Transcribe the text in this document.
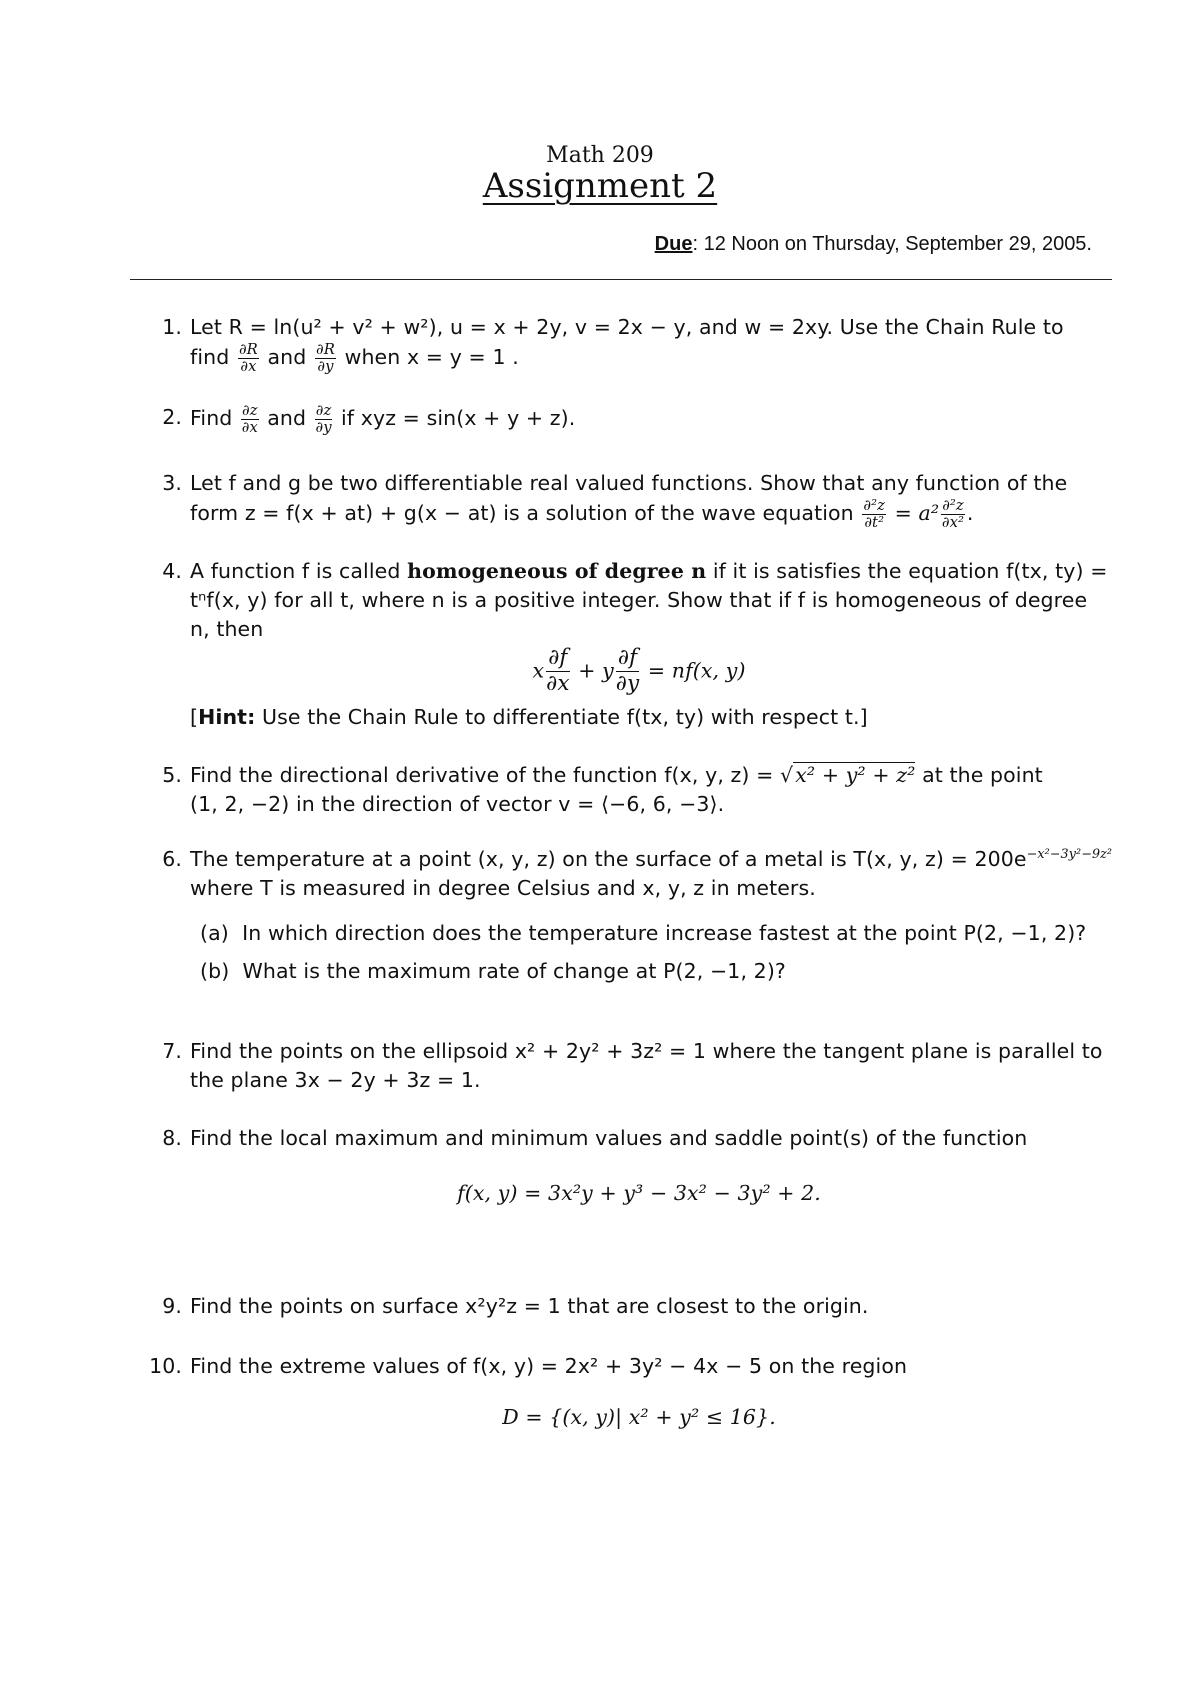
Math 209
Assignment 2
Due: 12 Noon on Thursday, September 29, 2005.
1. Let R = ln(u² + v² + w²), u = x + 2y, v = 2x − y, and w = 2xy. Use the Chain Rule to
find $\frac{\partial R}{\partial x}$ and $\frac{\partial R}{\partial y}$ when x = y = 1 .
2. Find $\frac{\partial z}{\partial x}$ and $\frac{\partial z}{\partial y}$ if xyz = sin(x + y + z).
3. Let f and g be two differentiable real valued functions. Show that any function of the
form z = f(x + at) + g(x − at) is a solution of the wave equation $\frac{\text{∂²z}}{\text{∂t²}} = a^2 \frac{\text{∂²z}}{\text{∂x²}}$ .
4. A function f is called homogeneous of degree n if it is satisfies the equation f(tx, ty) =
tⁿf(x, y) for all t, where n is a positive integer. Show that if f is homogeneous of degree
n, then
x $\frac{\partial f}{\partial x} + y \frac{\partial f}{\partial y} = nf(x$, y)
[Hint: Use the Chain Rule to differentiate f(tx, ty) with respect t.]
5. Find the directional derivative of the function f(x, y, z) = √x² + y² + z² at the point
(1, 2, −2) in the direction of vector v = ⟨−6, 6, −3⟩.
6. The temperature at a point (x, y, z) on the surface of a metal is T(x, y, $z) = 200e^{-x^2-3y^2-9z^2}$
where T is measured in degree Celsius and x, y, z in meters.
(a) In which direction does the temperature increase fastest at the point P(2, −1, 2)?
(b) What is the maximum rate of change at P(2, −1, 2)?
7. Find the points on the ellipsoid x² + 2y² + 3z² = 1 where the tangent plane is parallel to
the plane 3x − 2y + 3z = 1.
8. Find the local maximum and minimum values and saddle point(s) of the function
f(x, y) = 3x²y + y³ − 3x² − 3y² + 2.
9. Find the points on surface x²y²z = 1 that are closest to the origin.
10. Find the extreme values of f(x, y) = 2x² + 3y² − 4x − 5 on the region
D = {(x, y)| x² + y² ≤ 16}.
